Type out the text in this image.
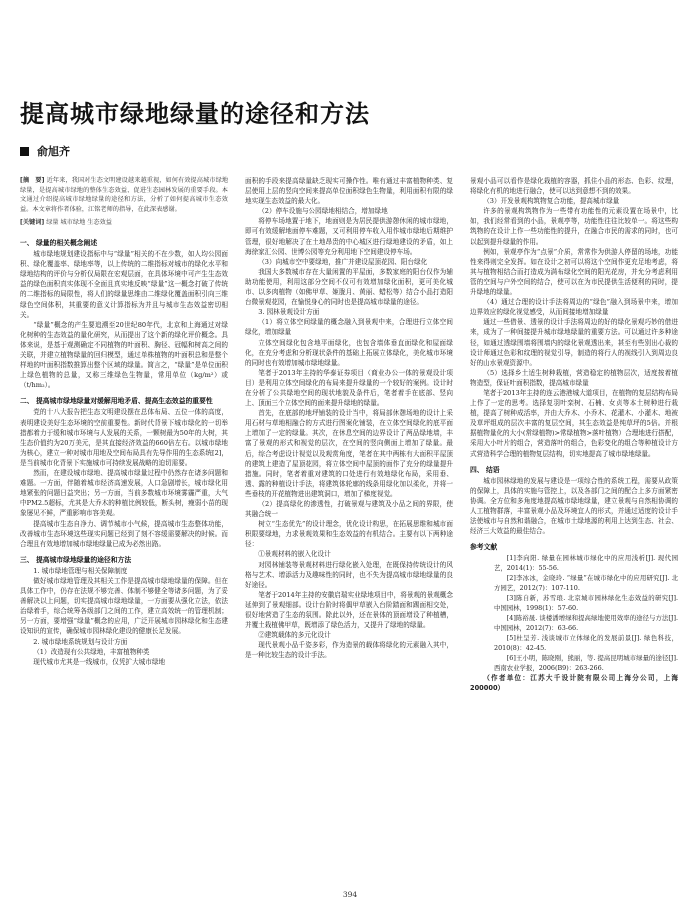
提高城市绿地绿量的途径和方法
俞旭齐

[摘　要] 近年来，我国对生态文明建设越来越重视，如何有效提高城市绿地绿量，是提高城市绿地的整体生态效益、促进生态园林发展的重要手段。本文通过介绍提高城市绿地绿量的途径和方法，分析了如何提高城市生态效益。本文章将作者体验，江铭老师的指导，在此深表感谢。

[关键词] 绿量 城市绿地 生态效益

一、 绿量的相关概念阐述

城市绿地规划建设指标中与“绿量”相关的不在少数，如人均公园面积、绿化覆盖率、绿地率等，以上传统的二维指标对城市的绿化水平和绿地结构的评价与分析仅局限在宏观层面，在具体环境中可产生生态效益的绿色面积真实体现不全面且真实地反映“绿量”这一概念打破了传统的二维指标的局限性，将人们的绿量思维由二维绿化覆盖面积引向三维绿色空间体积，其重要的意义计算指标为并且与城市生态效益密切相关。

“绿量”概念的产生要追溯至20世纪80年代，北京和上海通过对绿化树种的生态效益的量化研究，从而提出了这个新的绿化评价概念。具体来说，是基于观测确定不同植物的叶面积、胸径、冠幅和树高之间的关联，并建立植物绿量的回归模型，通过单株植物的叶面积总和是整个样地的叶面积指数推算出整个区域的绿量。简言之，“绿量”是单位面积上绿色植物的总量，又称三维绿色生物量，常用单位（kg/m²）或（t/hm₂）。

二、 提高城市绿地绿量对缓解用地矛盾、提高生态效益的重要性

党的十八大报告把生态文明建设摆在总体布局、五位一体的高度，表明建设美好生态环境的空前重要性。新时代背景下城市绿化的一切举措都着力于缓和城市环境与人发展的关系，一颗树最为50年的大树，其生态价值约为20万美元，是其直接经济效益的660倍左右。以城市绿地为核心，建立一种对城市用地及空间布局具有先导作用的生态系统[2]，是当前城市化背景下实施城市可持续发展战略的迫切需要。

然而，在建设城市绿地、提高城市绿量过程中仍然存在诸多问题和难题。一方面，伴随着城市经济高速发展，人口急剧增长，城市绿化用地紧张的问题日益突出；另一方面，当前多数城市环境雾霾严重，大气中PM2.5超标，尤其是大乔木的种植比例较低，断头树，瘦弱小苗的现象屡见不鲜，严重影响市容美观。

提高城市生态自净力、调节城市小气候，提高城市生态整体功能，改善城市生态环境这些现实问题已经到了刻不容缓需要解决的时候。而合理且有效地增加城市绿地绿量已成为必然出路。

三、 提高城市绿地绿量的途径和方法

1. 城市绿地管理与相关保障制度

做好城市绿地管理及其相关工作是提高城市绿地绿量的保障。但在具体工作中，仍存在法规不够完善、体制不够健全等诸多问题，为了妥善解决以上问题，切实提高城市绿地绿量，一方面要从强化立法，依法治绿着手，综合统筹各级部门之间的工作，建立高效统一的管理机制；另一方面，要增强“绿量”概念的应用，广泛开展城市园林绿化和生态建设知识的宣传，确保城市园林绿化建设的健康长足发展。

2. 城市绿地系统规划与设计方面

（1）改造现有公共绿地，丰富植物种类

现代城市尤其是一线城市，仅凭扩大城市绿地

面积的手段来提高绿量缺乏现实可操作性。唯有通过丰富植物种类、复层使用上层的竖向空间来提高单位面积绿色生物量，利用面积有限的绿地实现生态效益的最大化。

（2）停车设施与公园绿地相结合，增加绿地

将停车场地置于地下，地面则是为居民提供游憩休闲的城市绿地，即可有效缓解地面停车难题，又可利用停车收入用作城市绿地后期维护管理，很好地解决了在土地昂贵的中心城区进行绿地建设的矛盾，如上海徐家汇公园、世博公园等充分利用地下空间建设停车场。

（3）向城市空中要绿地，推广并建设屋顶花园、阳台绿化

我国大多数城市存在大量闲置的平屋面，多数家庭的阳台仅作为辅助功能使用，利用这部分空间不仅可有效增加绿化面积，更可美化城市、以多肉植物（如佛甲草、姬胧月、黄丽、蜡松等）结合小品打造阳台微景观花园，在愉悦身心的同时也是提高城市绿量的途径。

3. 园林景观设计方面

（1）将立体空间绿量的概念融入到景观中来，合理进行立体空间绿化，增加绿量

立体空间绿化包含地平面绿化，也包含墙体垂直面绿化和屋面绿化，在充分考虑和分析现状条件的基础上拓展立体绿化，美化城市环境的同时也有效增加城市绿地绿量。

笔者于2013年主持的华泰证券项目（商业办公一体的景观设计项目）是利用立体空间绿化的布局来提升绿量的一个较好的案例。设计时在分析了公共绿地空间的现状地貌及条件后，笔者着手在底部、竖向上、顶面三个立体空间的面来提升绿地的绿量。

首先，在底部的地坪铺装的设计当中，将局部休憩场地的设计上采用石材与草地相融合的方式进行图案化铺装，在立体空间绿化的底平面上增加了一定的绿量。其次，在休息空间的边界设计了两品绿地墙，丰富了景观的形式和视觉的层次，在空间的竖向侧面上增加了绿量。最后，综合考虑设计视觉以及观赏角度，笔者在其中两栋有大面积平屋顶的建筑上建造了屋顶花园，将立体空间中屋顶的面作了充分的绿量提升措施。同时，笔者着重对建筑的口处进行有效地绿化布局，采用垂、透、露的种植设计手法，将建筑体轮廓的线条用绿化加以柔化，并将一些垂枝的开花植物进出建筑洞口，增加了梯度视觉。

（2）提高绿化的渗透性，打破景观与建筑及小品之间的界限，使其融合统一

树立“生态优先”的设计理念，优化设计构思，在拓展思维和城市面积限要绿地，力求景观效果和生态效益的有机结合。主要有以下两种途径：

①景观材料的嵌入化设计

对园林铺装等景观材料进行绿化嵌入处理，在既保持传统设计的风格与艺术、增添活力及趣味性的同时，也不失为提高城市绿地绿量的良好途径。

笔者于2014年主持的安徽启瑞实业绿地项目中，将景观的景观概念延伸到了景观细部。设计台阶时将偶甲草嵌入台阶踏面和踢面相交处，很好地营造了生态的氛围。除此以外，还在景体的顶面增设了种植槽，并覆土栽植佛甲草，既增添了绿色活力，又提升了绿地的绿量。

②建筑载体的多元化设计

现代景观小品千姿多彩，作为造景的载体将绿化的元素融入其中，是一种比较生态的设计手法。

景观小品可以看作是绿化栽植的容器，抓住小品的形态、色彩、纹理，将绿化有机的地进行融合，使可以达到意想不到的效果。

（3）开发景观构筑物复合功能，提高城市绿量

许多的景观构筑物作为一些带有功能性的元素设置在场景中，比如，我们经常看到的小品，景观亭等，功能性往往比较单一。将这些构筑物的在设计上作一些功能性的提升，在融合市民的需求的同时，也可以起到提升绿量的作用。

例如，景观亭作为“点景”介质，常常作为供游人停留的场地，功能性来得则完全发挥。如在设计之初可以将这个空间作更充足地考虑，将其与植物相结合而打造成为满布绿化空间的阳光花房，并允分考虑利用管的空间与户外空间的结合，使可以在为市民提供生活便利的同时，提升绿地的绿量。

（4）通过合理的设计手法将周边的“绿色”融入到场景中来，增加边界效应的绿化视觉感受，从而间接地增加绿量

通过一些借景、透景的设计手法将周边的好的绿化景观巧妙的借进来，成为了一种间接提升城市绿地绿量的重要方法。可以通过许多种途径，如通过透绿围墙将围墙内的绿化景观透出来，甚至有些别出心裁的设计师通过色彩和纹理的视觉引导，制造的将行人的视线引入到周边良好的山水景观资源中。

（5）选择乡土适生树种栽植，营造稳定的植物层次，适度按着植物造型，保证叶面积指数，提高城市绿量

笔者于2013年主持的连云港港城大道项目，在植物的复层结构布局上作了一定的思考。选择复羽叶栾树、石楠、女贞等本土树种进行栽植，提高了树种成活率，并由大乔木、小乔木、花灌木、小灌木、地被及草坪组成的层次丰富的复层空间，其生态效益是纯草坪的5倍。并根据植物量化的大小(常绿植物)>常绿植物>落叶植物）合理地进行搭配，采用大小叶片的组合，营造落叶的组合，色彩变化的组合等种植设计方式营造科学合理的植物复层结构，切实地提高了城市绿地绿量。

四、 结语

城市园林绿地的发展与建设是一项综合性的系统工程，需要从政策的保障上，具体的实施与管控上，以及各部门之间的配合上多方面紧密协调。全方位和多角度地提高城市绿地绿量，建立景观与自然相协调的人工植物群落，丰富景观小品及环境宜人的形式，并通过适度的设计手法使城市与自然和谐融合，在城市土绿地源的利用上达到生态、社会、经济三大效益的最佳结合。

参考文献

[1]李向阳. 绿量在园林城市绿化中的应用浅析[J]. 现代园艺，2014(1)：55-56.

[2]李冰冰，金晓玲. “绿量”在城市绿化中的应用研究[J]. 北方园艺，2012(7)：107-110.

[3]陈自新，苏雪琅. 北京城市园林绿化生态效益的研究[J]. 中国园林，1998(1)：57-60.

[4]陈裕晟. 谈楼潘增绿和提高绿地使用效率的途径与方法[J]. 中国园林，2012(7)：63-66.

[5]杜呈芳. 浅谈城市立体绿化的发展前景[J]. 绿色科技，2010(8)：42-45.

[6]王小明，陈晓刚，熊丽，等. 提高昆明城市绿量的途径[J]. 西南农业学报，2006(B9)：263-266.

（作者单位：江苏大千设计院有限公司上海分公司，上海 200000）

394
